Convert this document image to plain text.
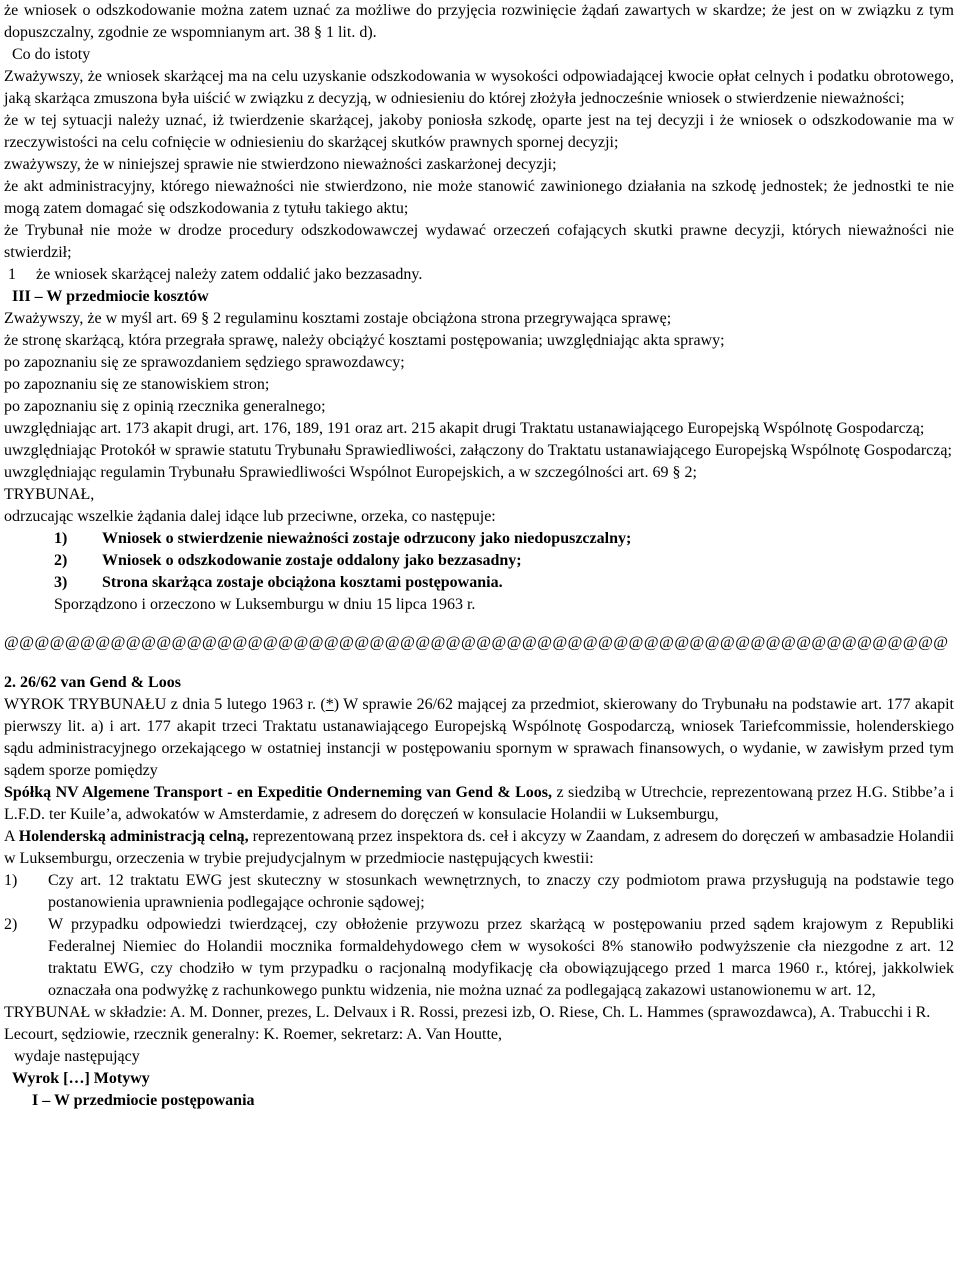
że wniosek o odszkodowanie można zatem uznać za możliwe do przyjęcia rozwinięcie żądań zawartych w skardze; że jest on w związku z tym dopuszczalny, zgodnie ze wspomnianym art. 38 § 1 lit. d).

Co do istoty

Zważywszy, że wniosek skarżącej ma na celu uzyskanie odszkodowania w wysokości odpowiadającej kwocie opłat celnych i podatku obrotowego, jaką skarżąca zmuszona była uiścić w związku z decyzją, w odniesieniu do której złożyła jednocześnie wniosek o stwierdzenie nieważności;

że w tej sytuacji należy uznać, iż twierdzenie skarżącej, jakoby poniosła szkodę, oparte jest na tej decyzji i że wniosek o odszkodowanie ma w rzeczywistości na celu cofnięcie w odniesieniu do skarżącej skutków prawnych spornej decyzji;

zważywszy, że w niniejszej sprawie nie stwierdzono nieważności zaskarżonej decyzji;

że akt administracyjny, którego nieważności nie stwierdzono, nie może stanowić zawinionego działania na szkodę jednostek; że jednostki te nie mogą zatem domagać się odszkodowania z tytułu takiego aktu;

że Trybunał nie może w drodze procedury odszkodowawczej wydawać orzeczeń cofających skutki prawne decyzji, których nieważności nie stwierdził;

1	że wniosek skarżącej należy zatem oddalić jako bezzasadny.

III – W przedmiocie kosztów

Zważywszy, że w myśl art. 69 § 2 regulaminu kosztami zostaje obciążona strona przegrywająca sprawę;

że stronę skarżącą, która przegrała sprawę, należy obciążyć kosztami postępowania; uwzględniając akta sprawy;

po zapoznaniu się ze sprawozdaniem sędziego sprawozdawcy;

po zapoznaniu się ze stanowiskiem stron;

po zapoznaniu się z opinią rzecznika generalnego;

uwzględniając art. 173 akapit drugi, art. 176, 189, 191 oraz art. 215 akapit drugi Traktatu ustanawiającego Europejską Wspólnotę Gospodarczą;

uwzględniając Protokół w sprawie statutu Trybunału Sprawiedliwości, załączony do Traktatu ustanawiającego Europejską Wspólnotę Gospodarczą;

uwzględniając regulamin Trybunału Sprawiedliwości Wspólnot Europejskich, a w szczególności art. 69 § 2;

TRYBUNAŁ,

odrzucając wszelkie żądania dalej idące lub przeciwne, orzeka, co następuje:

1)	Wniosek o stwierdzenie nieważności zostaje odrzucony jako niedopuszczalny;
2)	Wniosek o odszkodowanie zostaje oddalony jako bezzasadny;
3)	Strona skarżąca zostaje obciążona kosztami postępowania.

Sporządzono i orzeczono w Luksemburgu w dniu 15 lipca 1963 r.

@@@@@@@@@@@@@@@@@@@@@@@@@@@@@@@@@@@@@@@@@@@@@@@@@@@@@@@@@@@@@@

2. 26/62 van Gend & Loos

WYROK TRYBUNAŁU z dnia 5 lutego 1963 r. (*) W sprawie 26/62 mającej za przedmiot, skierowany do Trybunału na podstawie art. 177 akapit pierwszy lit. a) i art. 177 akapit trzeci Traktatu ustanawiającego Europejską Wspólnotę Gospodarczą, wniosek Tariefcommissie, holenderskiego sądu administracyjnego orzekającego w ostatniej instancji w postępowaniu spornym w sprawach finansowych, o wydanie, w zawisłym przed tym sądem sporze pomiędzy

Spółką NV Algemene Transport - en Expeditie Onderneming van Gend & Loos, z siedzibą w Utrechcie, reprezentowaną przez H.G. Stibbe’a i L.F.D. ter Kuile’a, adwokatów w Amsterdamie, z adresem do doręczeń w konsulacie Holandii w Luksemburgu,

A Holenderską administracją celną, reprezentowaną przez inspektora ds. ceł i akcyzy w Zaandam, z adresem do doręczeń w ambasadzie Holandii w Luksemburgu, orzeczenia w trybie prejudycjalnym w przedmiocie następujących kwestii:

1)	Czy art. 12 traktatu EWG jest skuteczny w stosunkach wewnętrznych, to znaczy czy podmiotom prawa przysługują na podstawie tego postanowienia uprawnienia podlegające ochronie sądowej;
2)	W przypadku odpowiedzi twierdzącej, czy obłożenie przywozu przez skarżącą w postępowaniu przed sądem krajowym z Republiki Federalnej Niemiec do Holandii mocznika formaldehydowego cłem w wysokości 8% stanowiło podwyższenie cła niezgodne z art. 12 traktatu EWG, czy chodziło w tym przypadku o racjonalną modyfikację cła obowiązującego przed 1 marca 1960 r., której, jakkolwiek oznaczała ona podwyżkę z rachunkowego punktu widzenia, nie można uznać za podlegającą zakazowi ustanowionemu w art. 12,

TRYBUNAŁ w składzie: A. M. Donner, prezes, L. Delvaux i R. Rossi, prezesi izb, O. Riese, Ch. L. Hammes (sprawozdawca), A. Trabucchi i R. Lecourt, sędziowie, rzecznik generalny: K. Roemer, sekretarz: A. Van Houtte,

wydaje następujący

Wyrok […] Motywy

I – W przedmiocie postępowania
